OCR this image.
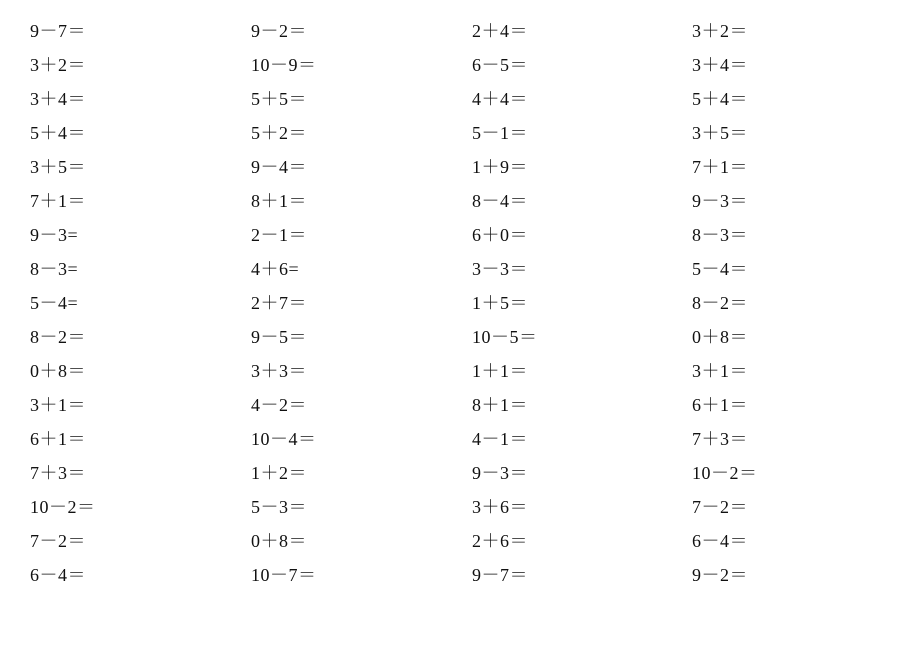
9－7＝
3＋2＝
3＋4＝
5＋4＝
3＋5＝
7＋1＝
9－3=
8－3=
5－4=
8－2＝
0＋8＝
3＋1＝
6＋1＝
7＋3＝
10－2＝
7－2＝
6－4＝
9－2＝
10－9＝
5＋5＝
5＋2＝
9－4＝
8＋1＝
2－1＝
4＋6=
2＋7＝
9－5＝
3＋3＝
4－2＝
10－4＝
1＋2＝
5－3＝
0＋8＝
10－7＝
2＋4＝
6－5＝
4＋4＝
5－1＝
1＋9＝
8－4＝
6＋0＝
3－3＝
1＋5＝
10－5＝
1＋1＝
8＋1＝
4－1＝
9－3＝
3＋6＝
2＋6＝
9－7＝
3＋2＝
3＋4＝
5＋4＝
3＋5＝
7＋1＝
9－3＝
8－3＝
5－4＝
8－2＝
0＋8＝
3＋1＝
6＋1＝
7＋3＝
10－2＝
7－2＝
6－4＝
9－2＝
